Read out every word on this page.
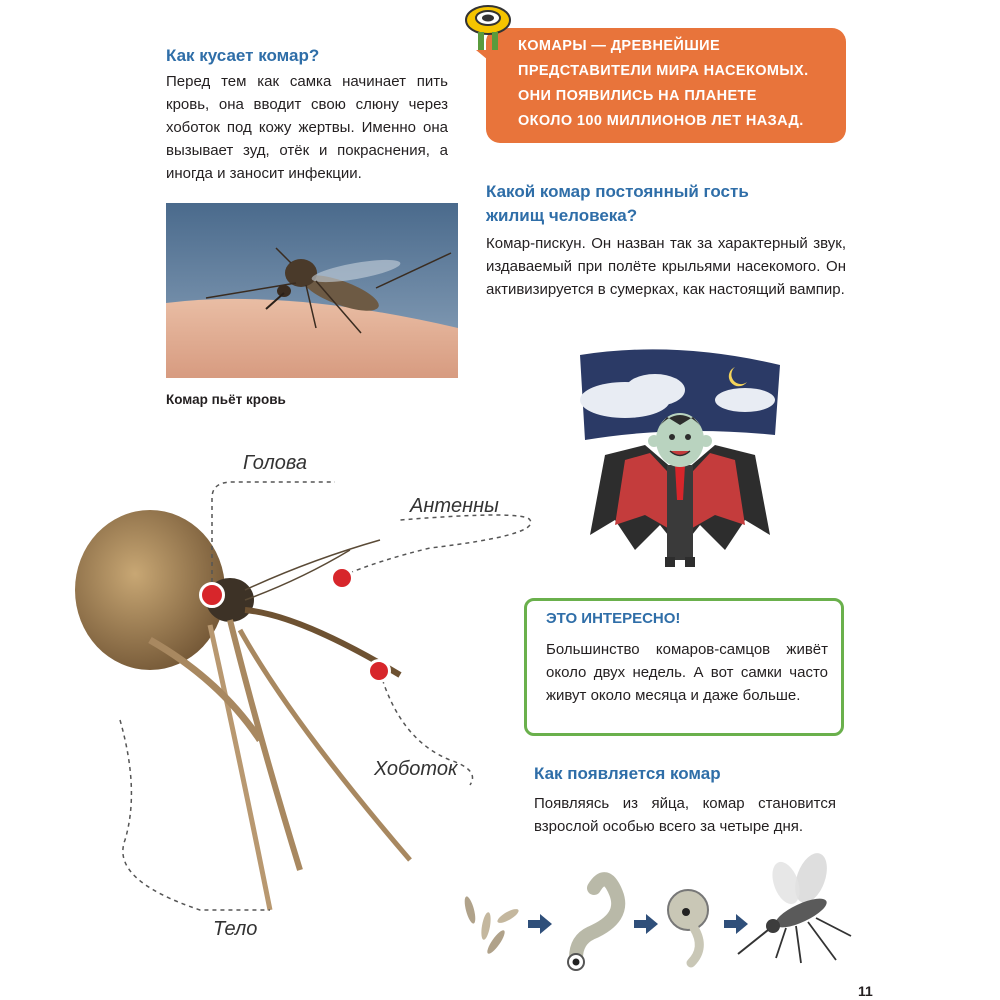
Как кусает комар?

Перед тем как самка начинает пить кровь, она вводит свою слюну через хоботок под кожу жертвы. Именно она вызывает зуд, отёк и покраснения, а иногда и заносит инфекции.

КОМАРЫ — ДРЕВНЕЙШИЕ
ПРЕДСТАВИТЕЛИ МИРА НАСЕКОМЫХ.
ОНИ ПОЯВИЛИСЬ НА ПЛАНЕТЕ
ОКОЛО 100 МИЛЛИОНОВ ЛЕТ НАЗАД.

Какой комар постоянный гость
жилищ человека?

Комар-пискун. Он назван так за характерный звук, издаваемый при полёте крыльями насекомого. Он активизируется в сумерках, как настоящий вампир.

Комар пьёт кровь
Голова
Антенны
Хоботок
Тело
ЭТО ИНТЕРЕСНО!

Большинство комаров-самцов живёт около двух недель. А вот самки часто живут около месяца и даже больше.

Как появляется комар

Появляясь из яйца, комар становится взрослой особью всего за четыре дня.

11
